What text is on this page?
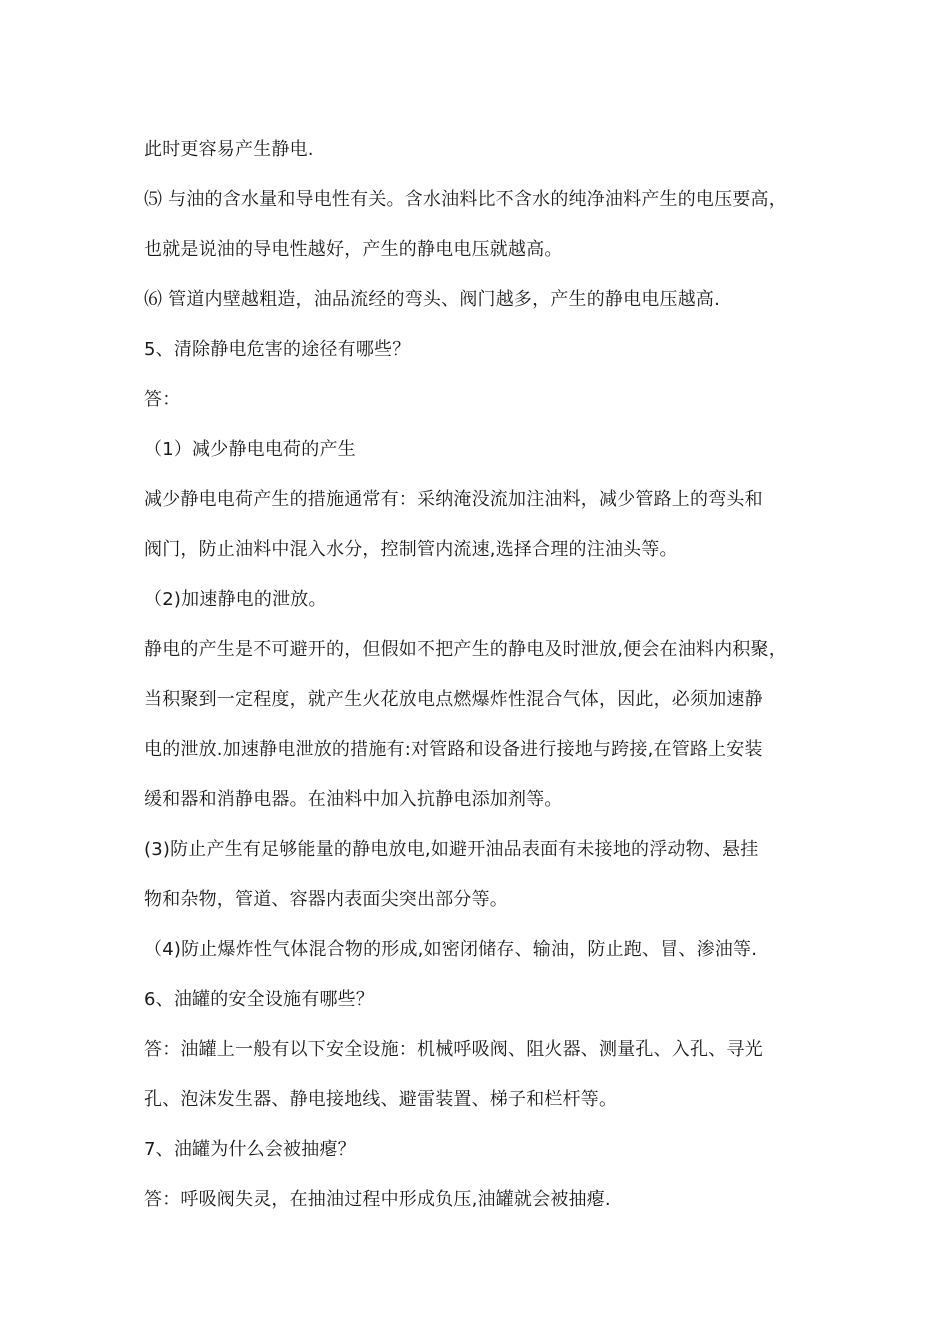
此时更容易产生静电.

⑸ 与油的含水量和导电性有关。含水油料比不含水的纯净油料产生的电压要高，

也就是说油的导电性越好，产生的静电电压就越高。

⑹ 管道内壁越粗造，油品流经的弯头、阀门越多，产生的静电电压越高.

5、清除静电危害的途径有哪些？

答：

（1）减少静电电荷的产生

减少静电电荷产生的措施通常有：采纳淹没流加注油料，减少管路上的弯头和

阀门，防止油料中混入水分，控制管内流速,选择合理的注油头等。

（2)加速静电的泄放。

静电的产生是不可避开的，但假如不把产生的静电及时泄放,便会在油料内积聚，

当积聚到一定程度，就产生火花放电点燃爆炸性混合气体，因此，必须加速静

电的泄放.加速静电泄放的措施有:对管路和设备进行接地与跨接,在管路上安装

缓和器和消静电器。在油料中加入抗静电添加剂等。

(3)防止产生有足够能量的静电放电,如避开油品表面有未接地的浮动物、悬挂

物和杂物，管道、容器内表面尖突出部分等。

（4)防止爆炸性气体混合物的形成,如密闭储存、输油，防止跑、冒、渗油等.

6、油罐的安全设施有哪些？

答：油罐上一般有以下安全设施：机械呼吸阀、阻火器、测量孔、入孔、寻光

孔、泡沫发生器、静电接地线、避雷装置、梯子和栏杆等。

7、油罐为什么会被抽瘪？

答：呼吸阀失灵，在抽油过程中形成负压,油罐就会被抽瘪.
